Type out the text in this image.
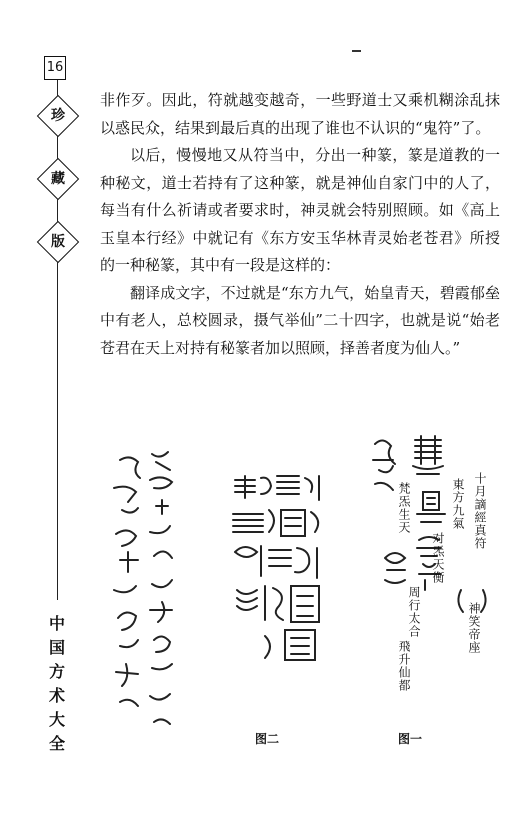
16
珍
藏
版
中
国
方
术
大
全

非作歹。因此，符就越变越奇，一些野道士又乘机糊涂乱抹以惑民众，结果到最后真的出现了谁也不认识的“鬼符”了。

以后，慢慢地又从符当中，分出一种篆，篆是道教的一种秘文，道士若持有了这种篆，就是神仙自家门中的人了，每当有什么祈请或者要求时，神灵就会特别照顾。如《高上玉皇本行经》中就记有《东方安玉华林青灵始老苍君》所授的一种秘篆，其中有一段是这样的：

翻译成文字，不过就是“东方九气，始皇青天，碧霞郁垒中有老人，总校圆录，摄气举仙”二十四字，也就是说“始老苍君在天上对持有秘篆者加以照顾，择善者度为仙人。”

图二
十月謫經真符
東方九氣
梵炁生天
对炁天衡
周行太合	神笑帝座
飛升仙都
图一
